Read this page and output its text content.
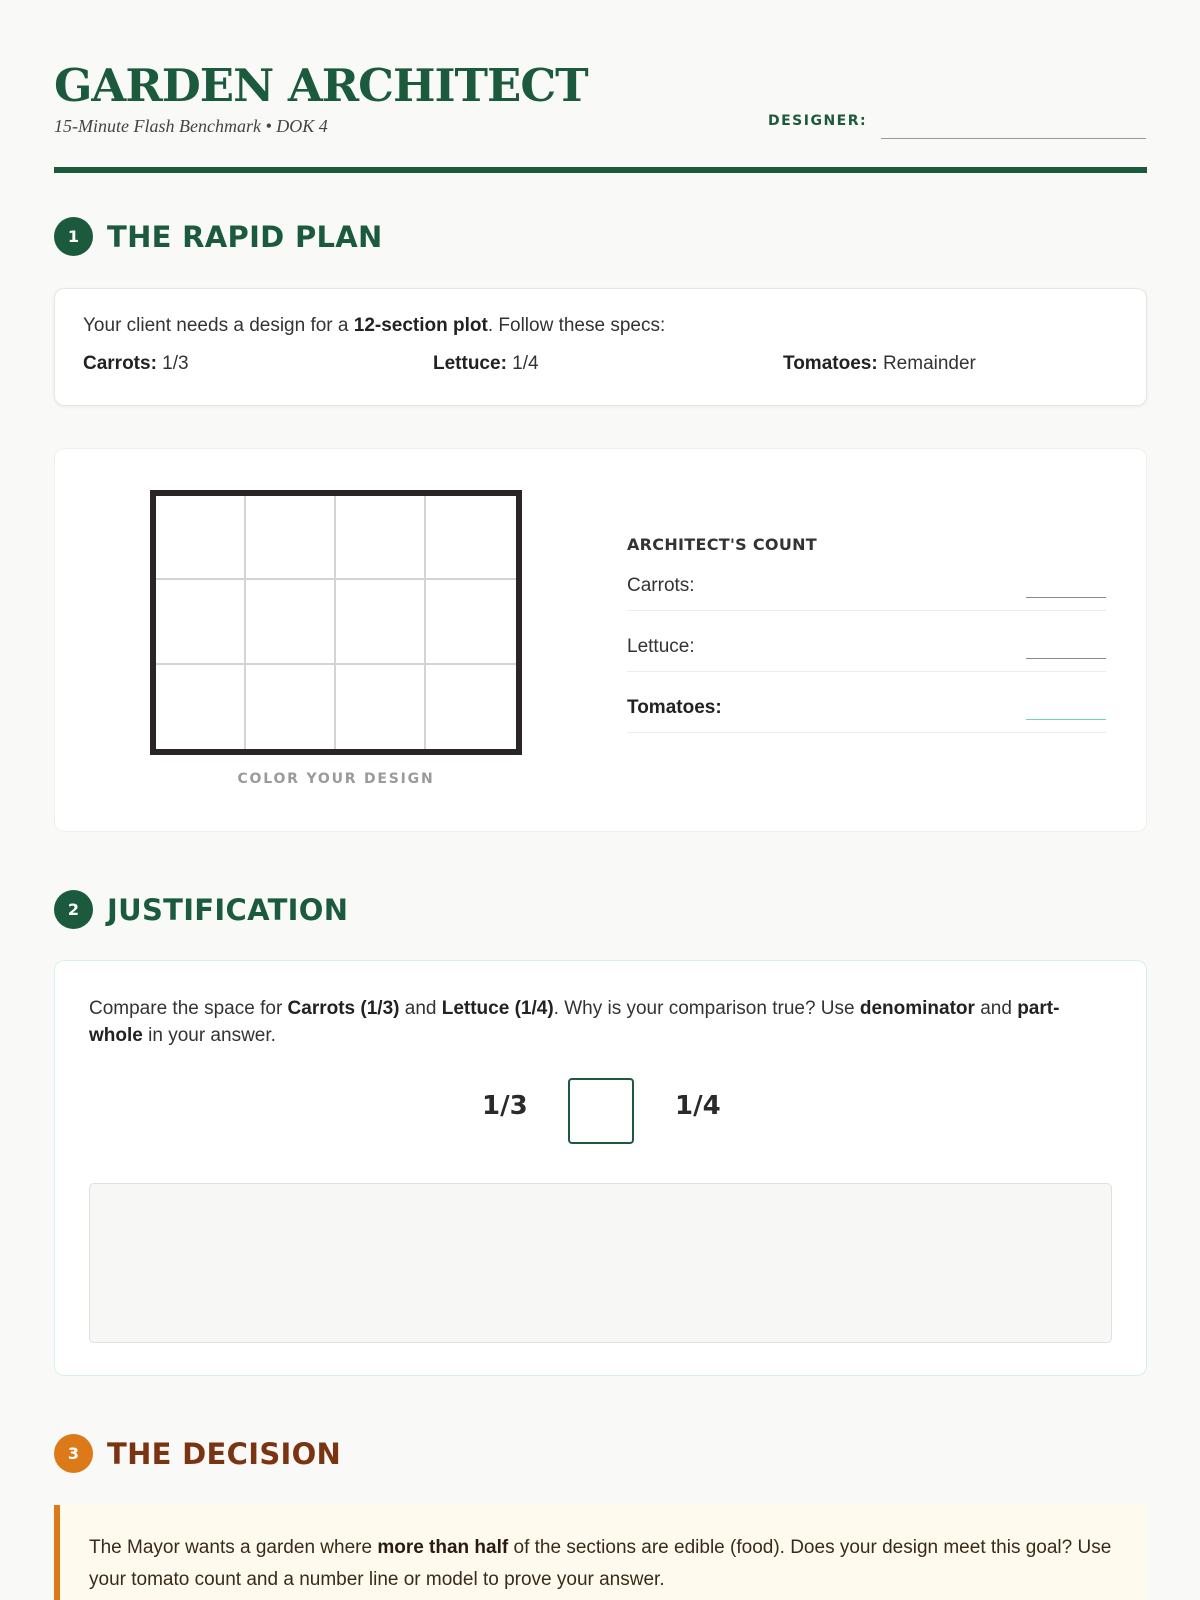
GARDEN ARCHITECT
15-Minute Flash Benchmark • DOK 4	DESIGNER:
1 THE RAPID PLAN
Your client needs a design for a 12-section plot. Follow these specs:
Carrots: 1/3	Lettuce: 1/4	Tomatoes: Remainder
COLOR YOUR DESIGN
ARCHITECT'S COUNT
Carrots:
Lettuce:
Tomatoes:
2 JUSTIFICATION
Compare the space for Carrots (1/3) and Lettuce (1/4). Why is your comparison true? Use denominator and part-whole in your answer.
1/3	1/4
3 THE DECISION
The Mayor wants a garden where more than half of the sections are edible (food). Does your design meet this goal? Use your tomato count and a number line or model to prove your answer.
